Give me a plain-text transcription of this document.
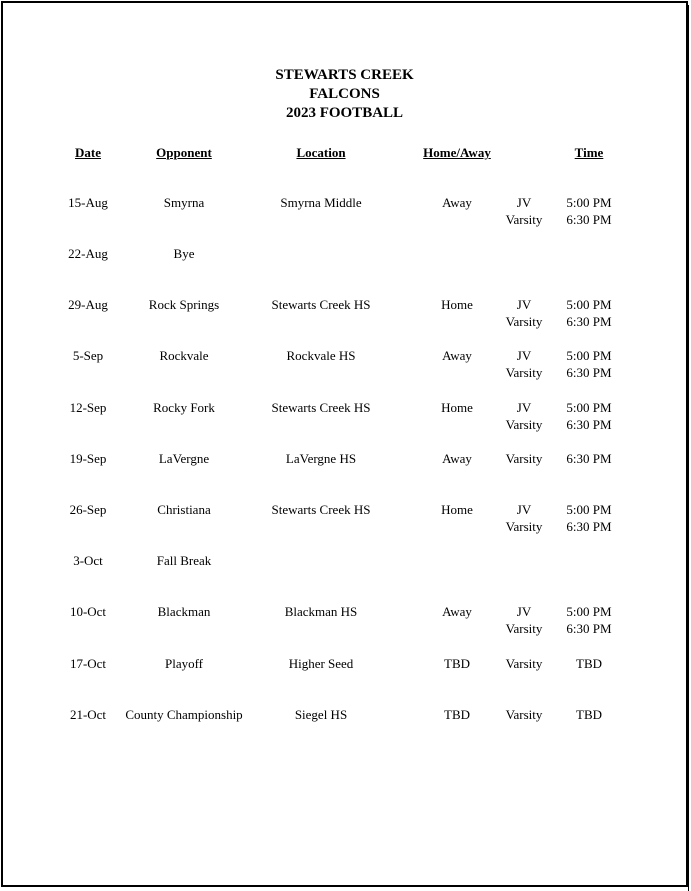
STEWARTS CREEK
FALCONS
2023 FOOTBALL
Date	Opponent	Location	Home/Away	Time
15-Aug	Smyrna	Smyrna Middle	Away	JV	5:00 PM
Varsity 6:30 PM
22-Aug	Bye
29-Aug	Rock Springs	Stewarts Creek HS	Home	JV	5:00 PM
Varsity 6:30 PM
5-Sep	Rockvale	Rockvale HS	Away	JV	5:00 PM
Varsity 6:30 PM
12-Sep	Rocky Fork	Stewarts Creek HS	Home	JV	5:00 PM
Varsity 6:30 PM
19-Sep	LaVergne	LaVergne HS	Away	Varsity 6:30 PM
26-Sep	Christiana	Stewarts Creek HS	Home	JV	5:00 PM
Varsity 6:30 PM
3-Oct	Fall Break
10-Oct	Blackman	Blackman HS	Away	JV	5:00 PM
Varsity 6:30 PM
17-Oct	Playoff	Higher Seed	TBD	Varsity	TBD
21-Oct County Championship	Siegel HS	TBD	Varsity	TBD
